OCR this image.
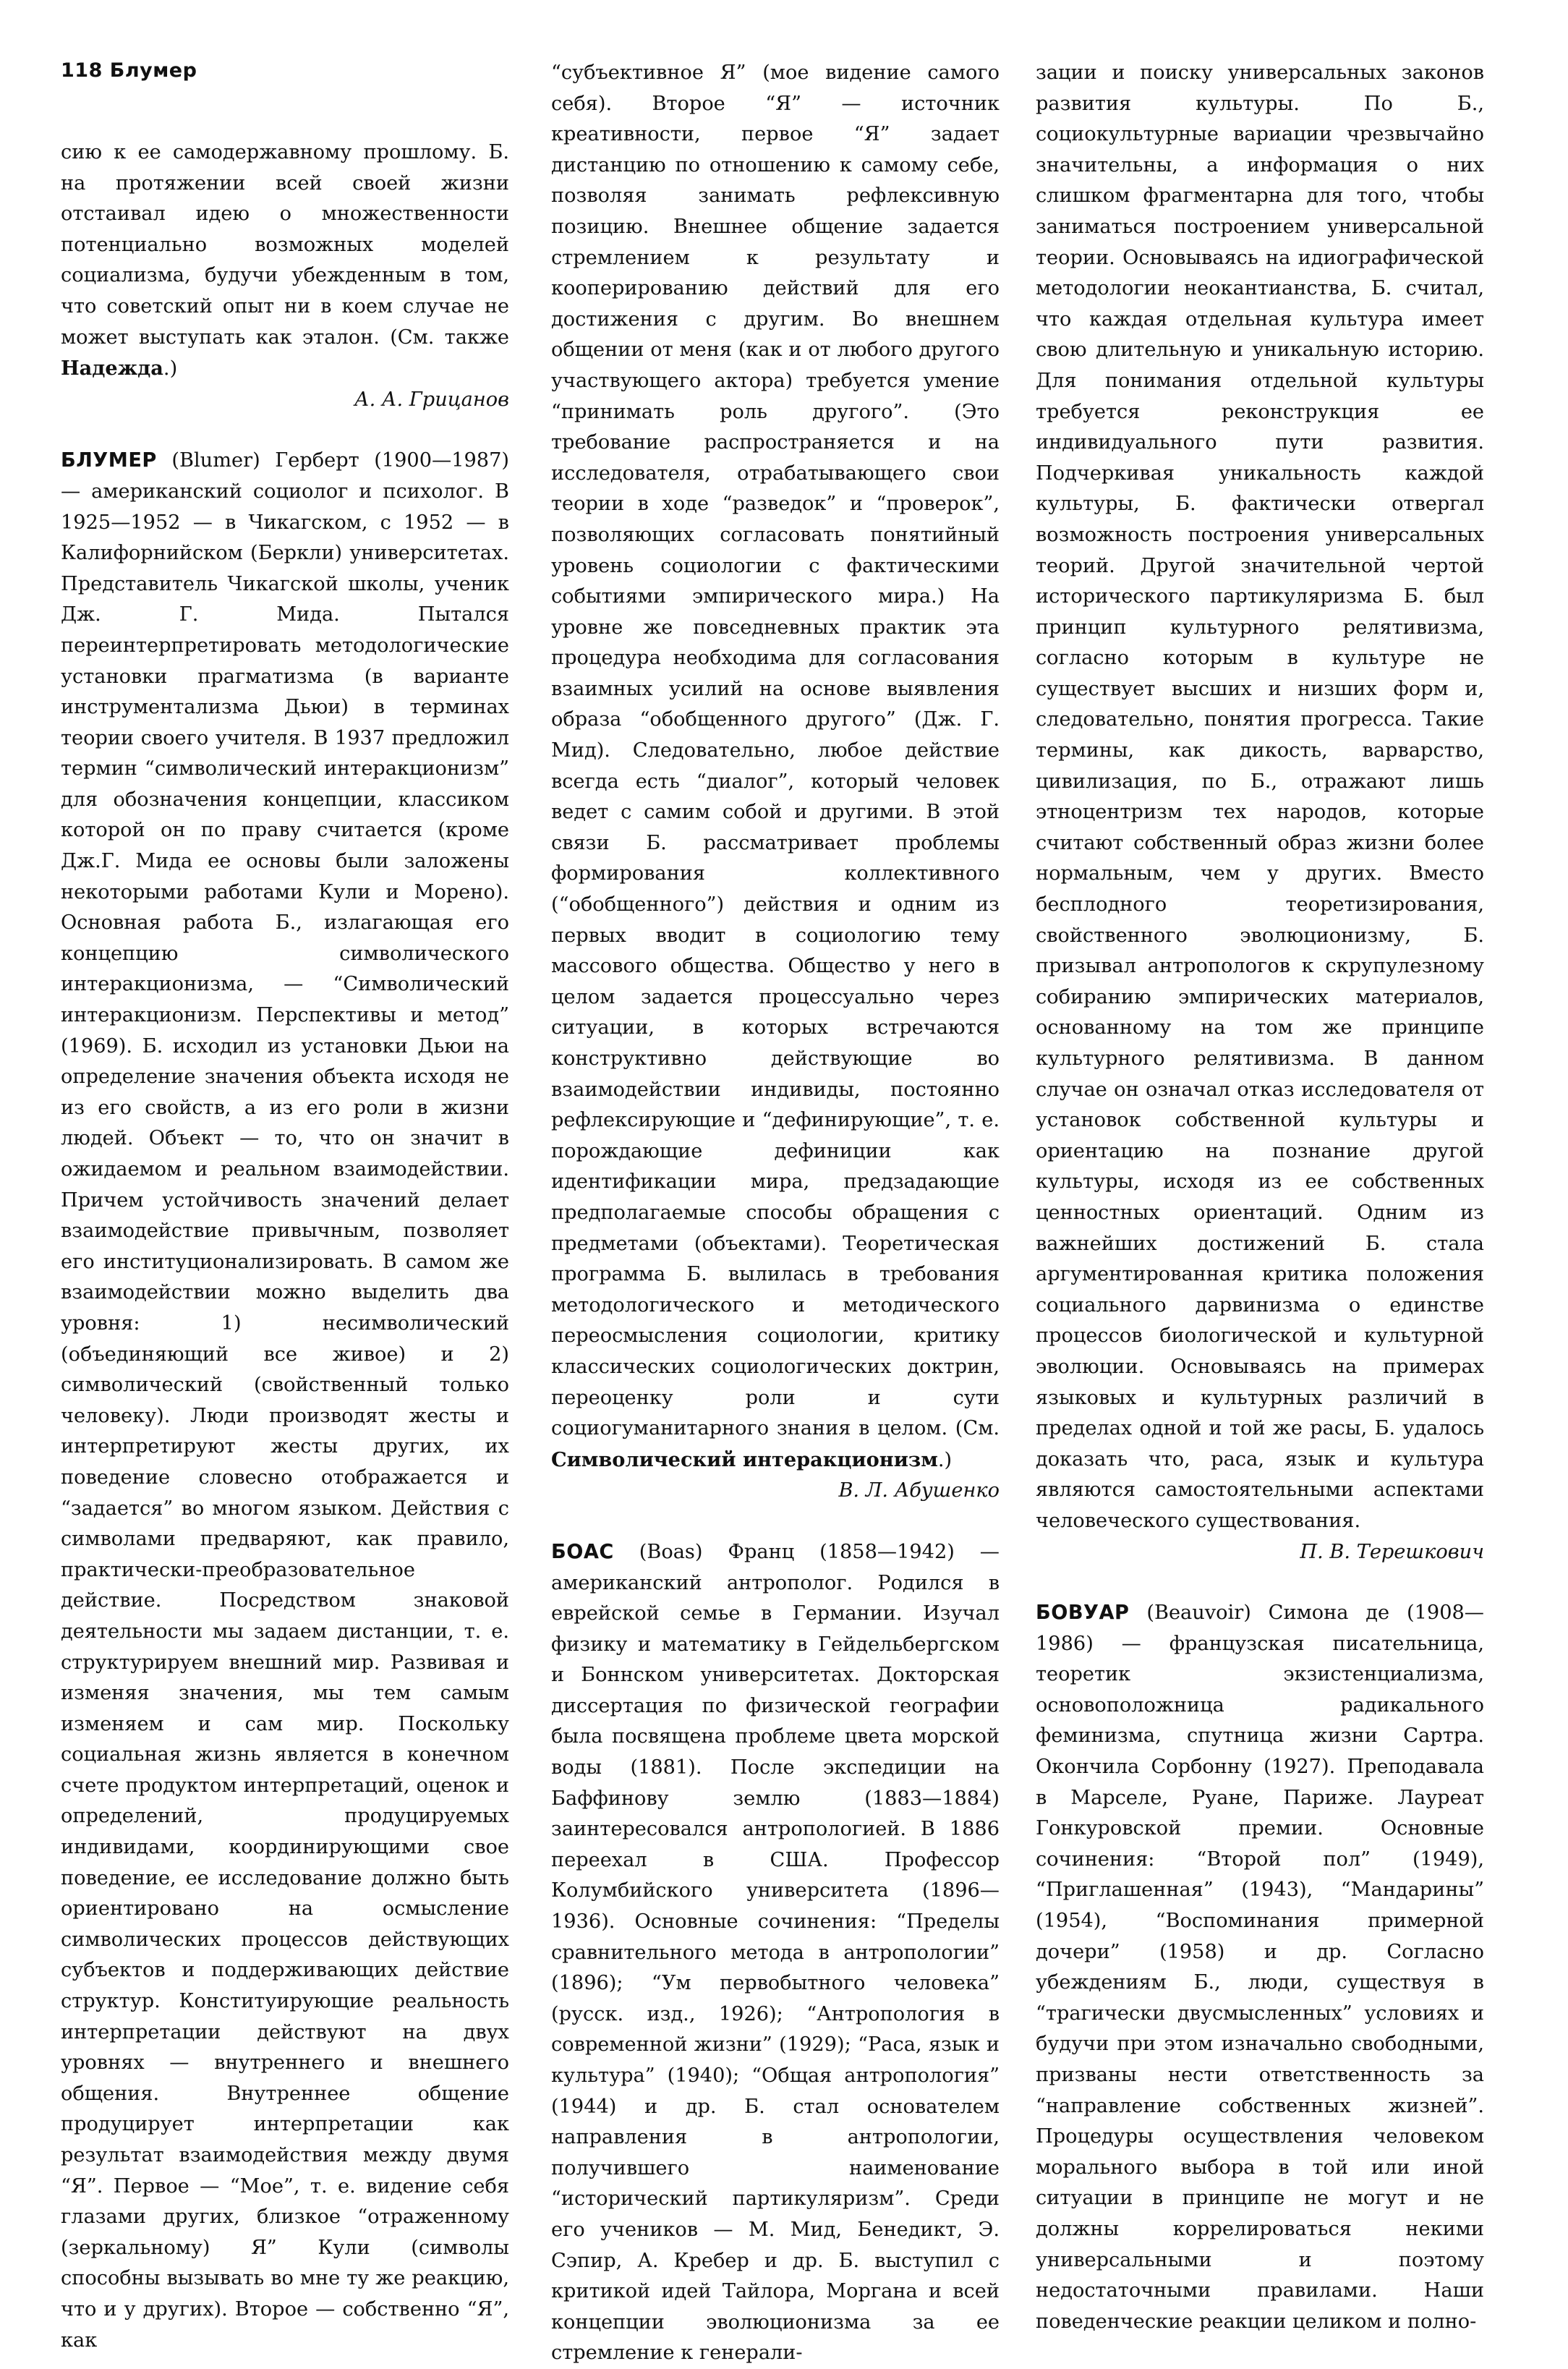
118 Блумер

сию к ее самодержавному прошлому. Б. на протяжении всей своей жизни отстаивал идею о множественности потенциально возможных моделей социализма, будучи убежденным в том, что советский опыт ни в коем случае не может выступать как эталон. (См. также Надежда.)

А. А. Грицанов

БЛУМЕР (Blumer) Герберт (1900—1987) — американский социолог и психолог. В 1925—1952 — в Чикагском, с 1952 — в Калифорнийском (Беркли) университетах. Представитель Чикагской школы, ученик Дж. Г. Мида. Пытался переинтерпретировать методологические установки прагматизма (в варианте инструментализма Дьюи) в терминах теории своего учителя. В 1937 предложил термин “символический интеракционизм” для обозначения концепции, классиком которой он по праву считается (кроме Дж.Г. Мида ее основы были заложены некоторыми работами Кули и Морено). Основная работа Б., излагающая его концепцию символического интеракционизма, — “Символический интеракционизм. Перспективы и метод” (1969). Б. исходил из установки Дьюи на определение значения объекта исходя не из его свойств, а из его роли в жизни людей. Объект — то, что он значит в ожидаемом и реальном взаимодействии. Причем устойчивость значений делает взаимодействие привычным, позволяет его институционализировать. В самом же взаимодействии можно выделить два уровня: 1) несимволический (объединяющий все живое) и 2) символический (свойственный только человеку). Люди производят жесты и интерпретируют жесты других, их поведение словесно отображается и “задается” во многом языком. Действия с символами предваряют, как правило, практически-преобразовательное действие. Посредством знаковой деятельности мы задаем дистанции, т. е. структурируем внешний мир. Развивая и изменяя значения, мы тем самым изменяем и сам мир. Поскольку социальная жизнь является в конечном счете продуктом интерпретаций, оценок и определений, продуцируемых индивидами, координирующими свое поведение, ее исследование должно быть ориентировано на осмысление символических процессов действующих субъектов и поддерживающих действие структур. Конституирующие реальность интерпретации действуют на двух уровнях — внутреннего и внешнего общения. Внутреннее общение продуцирует интерпретации как результат взаимодействия между двумя “Я”. Первое — “Мое”, т. е. видение себя глазами других, близкое “отраженному (зеркальному) Я” Кули (символы способны вызывать во мне ту же реакцию, что и у других). Второе — собственно “Я”, как

“субъективное Я” (мое видение самого себя). Второе “Я” — источник креативности, первое “Я” задает дистанцию по отношению к самому себе, позволяя занимать рефлексивную позицию. Внешнее общение задается стремлением к результату и кооперированию действий для его достижения с другим. Во внешнем общении от меня (как и от любого другого участвующего актора) требуется умение “принимать роль другого”. (Это требование распространяется и на исследователя, отрабатывающего свои теории в ходе “разведок” и “проверок”, позволяющих согласовать понятийный уровень социологии с фактическими событиями эмпирического мира.) На уровне же повседневных практик эта процедура необходима для согласования взаимных усилий на основе выявления образа “обобщенного другого” (Дж. Г. Мид). Следовательно, любое действие всегда есть “диалог”, который человек ведет с самим собой и другими. В этой связи Б. рассматривает проблемы формирования коллективного (“обобщенного”) действия и одним из первых вводит в социологию тему массового общества. Общество у него в целом задается процессуально через ситуации, в которых встречаются конструктивно действующие во взаимодействии индивиды, постоянно рефлексирующие и “дефинирующие”, т. е. порождающие дефиниции как идентификации мира, предзадающие предполагаемые способы обращения с предметами (объектами). Теоретическая программа Б. вылилась в требования методологического и методического переосмысления социологии, критику классических социологических доктрин, переоценку роли и сути социогуманитарного знания в целом. (См. Символический интеракционизм.)

В. Л. Абушенко

БОАС (Boas) Франц (1858—1942) — американский антрополог. Родился в еврейской семье в Германии. Изучал физику и математику в Гейдельбергском и Боннском университетах. Докторская диссертация по физической географии была посвящена проблеме цвета морской воды (1881). После экспедиции на Баффинову землю (1883—1884) заинтересовался антропологией. В 1886 переехал в США. Профессор Колумбийского университета (1896—1936). Основные сочинения: “Пределы сравнительного метода в антропологии” (1896); “Ум первобытного человека” (русск. изд., 1926); “Антропология в современной жизни” (1929); “Раса, язык и культура” (1940); “Общая антропология” (1944) и др. Б. стал основателем направления в антропологии, получившего наименование “исторический партикуляризм”. Среди его учеников — М. Мид, Бенедикт, Э. Сэпир, А. Кребер и др. Б. выступил с критикой идей Тайлора, Моргана и всей концепции эволюционизма за ее стремление к генерали-

зации и поиску универсальных законов развития культуры. По Б., социокультурные вариации чрезвычайно значительны, а информация о них слишком фрагментарна для того, чтобы заниматься построением универсальной теории. Основываясь на идиографической методологии неокантианства, Б. считал, что каждая отдельная культура имеет свою длительную и уникальную историю. Для понимания отдельной культуры требуется реконструкция ее индивидуального пути развития. Подчеркивая уникальность каждой культуры, Б. фактически отвергал возможность построения универсальных теорий. Другой значительной чертой исторического партикуляризма Б. был принцип культурного релятивизма, согласно которым в культуре не существует высших и низших форм и, следовательно, понятия прогресса. Такие термины, как дикость, варварство, цивилизация, по Б., отражают лишь этноцентризм тех народов, которые считают собственный образ жизни более нормальным, чем у других. Вместо бесплодного теоретизирования, свойственного эволюционизму, Б. призывал антропологов к скрупулезному собиранию эмпирических материалов, основанному на том же принципе культурного релятивизма. В данном случае он означал отказ исследователя от установок собственной культуры и ориентацию на познание другой культуры, исходя из ее собственных ценностных ориентаций. Одним из важнейших достижений Б. стала аргументированная критика положения социального дарвинизма о единстве процессов биологической и культурной эволюции. Основываясь на примерах языковых и культурных различий в пределах одной и той же расы, Б. удалось доказать что, раса, язык и культура являются самостоятельными аспектами человеческого существования.

П. В. Терешкович

БОВУАР (Beauvoir) Симона де (1908—1986) — французская писательница, теоретик экзистенциализма, основоположница радикального феминизма, спутница жизни Сартра. Окончила Сорбонну (1927). Преподавала в Марселе, Руане, Париже. Лауреат Гонкуровской премии. Основные сочинения: “Второй пол” (1949), “Приглашенная” (1943), “Мандарины” (1954), “Воспоминания примерной дочери” (1958) и др. Согласно убеждениям Б., люди, существуя в “трагически двусмысленных” условиях и будучи при этом изначально свободными, призваны нести ответственность за “направление собственных жизней”. Процедуры осуществления человеком морального выбора в той или иной ситуации в принципе не могут и не должны коррелироваться некими универсальными и поэтому недостаточными правилами. Наши поведенческие реакции целиком и полно-
